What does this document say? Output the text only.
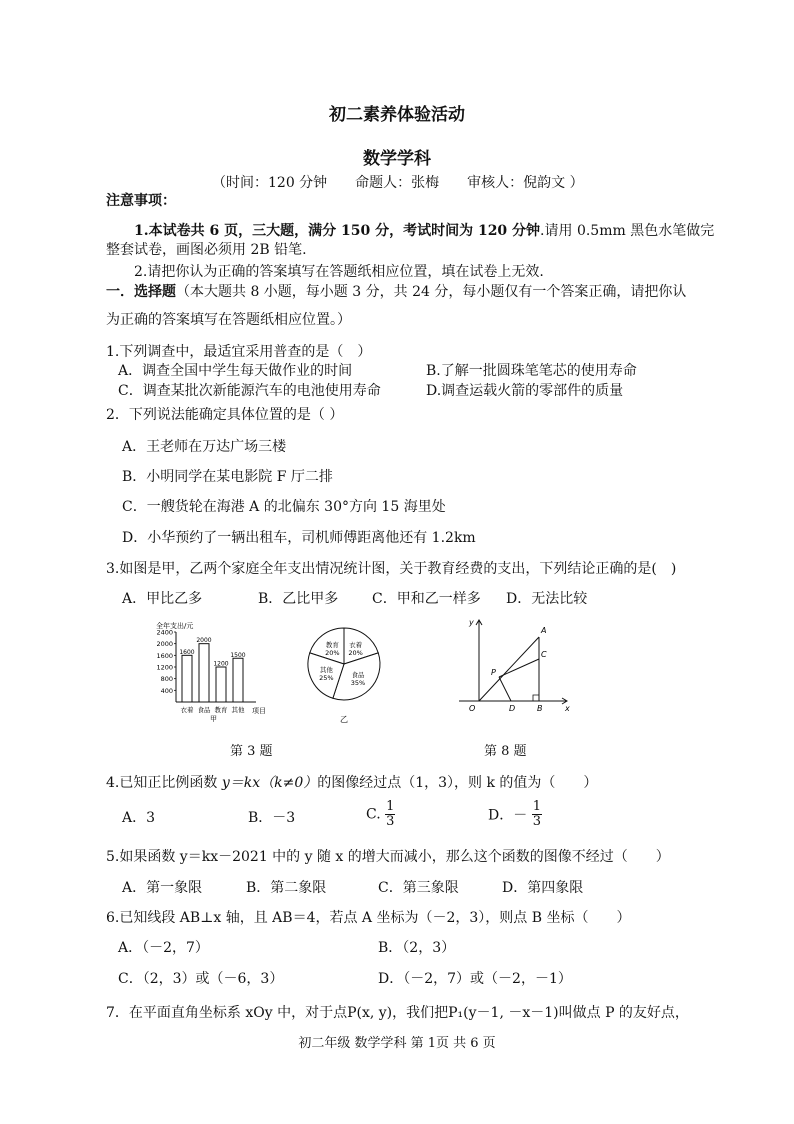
初二素养体验活动
数学学科
（时间：120 分钟　　命题人：张梅　　审核人：倪韵文 ）
注意事项：
1.本试卷共 6 页，三大题，满分 150 分，考试时间为 120 分钟.请用 0.5mm 黑色水笔做完
整套试卷，画图必须用 2B 铅笔.
2.请把你认为正确的答案填写在答题纸相应位置，填在试卷上无效.
一．选择题（本大题共 8 小题，每小题 3 分，共 24 分，每小题仅有一个答案正确，请把你认
为正确的答案填写在答题纸相应位置。）
1.下列调查中，最适宜采用普查的是（　）
A．调查全国中学生每天做作业的时间	B.了解一批圆珠笔笔芯的使用寿命
C．调查某批次新能源汽车的电池使用寿命	D.调查运载火箭的零部件的质量
2．下列说法能确定具体位置的是（ ）
A．王老师在万达广场三楼
B．小明同学在某电影院 F 厅二排
C．一艘货轮在海港 A 的北偏东 30°方向 15 海里处
D．小华预约了一辆出租车，司机师傅距离他还有 1.2km
3.如图是甲，乙两个家庭全年支出情况统计图，关于教育经费的支出，下列结论正确的是(　)
A．甲比乙多	B．乙比甲多 C．甲和乙一样多 D．无法比较
全年支出/元
400
800
1200
1600
2000
2400
1600
2000
1200
1500
衣着 食品 教育 其他 项目
甲
教育
20%
衣着
20%
食品
35%
其他
25%
乙
y
A
C
P
O	D	B	x
第 3 题	第 8 题
4.已知正比例函数 y＝kx（k≠0）的图像经过点（1，3），则 k 的值为（　　）
A．3	B．－3	C. $\frac{1}{3}$	D．－ $\frac{1}{3}$
5.如果函数 y＝kx－2021 中的 y 随 x 的增大而减小，那么这个函数的图像不经过（　　）
A．第一象限	B．第二象限	C．第三象限	D．第四象限
6.已知线段 AB⊥x 轴，且 AB＝4，若点 A 坐标为（－2，3），则点 B 坐标（　　）
A．（－2，7）	B．（2，3）
C．（2，3）或（－6，3）	D．（－2，7）或（－2，－1）
7．在平面直角坐标系 xOy 中，对于点P(x, y)，我们把P₁(y－1, －x－1)叫做点 P 的友好点，
初二年级 数学学科 第 1页 共 6 页
